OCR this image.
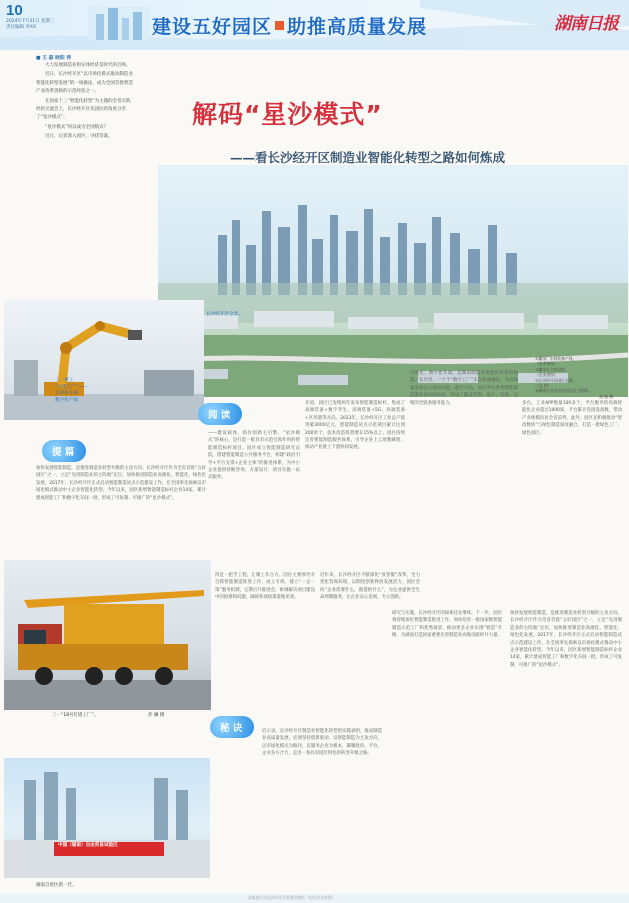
10
2024年7月31日 星期三
责任编辑 李XX	建设五好园区 助推高质量发展	湖南日报
■ 王 磊 欧阳 萍

大力发展制造业和实体经济是时代的召唤。

近日，长沙经开区“以市场化模式推动制造业智能化转型发展”的一项做法，成为全国首批智造产业改革创新的示范经验之一。

在国家十三“智能化转型”为主题的全省实践经验交流会上，长沙经开区从园区的角度分享了“星沙模式”。

“星沙模式”何以成为全国模式？

近日，记者深入园区，寻找答案。

解码“星沙模式”
——看长沙经开区制造业智能化转型之路如何炼成
长沙经开区全景。
三一重工
“灯塔工厂”——
自动化车间
数字化产线
提 篇
阅 读
秘 诀
加快发展智能制造，是推进制造业转型升级的主攻方向。长沙经开区作为全省首批“五好园区”之一，立足“先进制造业的主阵地”定位，加快推进制造业高端化、智能化、绿色化发展。2017年，长沙经开区正式启动智能制造试点示范建设工作，在全国率先探索以市场化模式推动中小企业智能化转型。今年以来，园区新增智能制造标杆企业14家，累计建成智能工厂和数字化车间一批，形成了可复制、可推广的“星沙模式”。
——建设载体，抓住创新主引擎。“星沙模式”的核心，是打造一批具有示范引领作用的智能制造标杆项目。园区成立智能制造研究总院，搭建智能制造公共服务平台，构建“政府引导+平台支撑+企业主体”的推进体系，为中小企业提供诊断咨询、方案设计、项目实施一站式服务。
开园，园区已连续两年发布智能制造标杆，集成了高端装备+数字孪生、高端装备+5G、高端装备+区块链等方向。2023年，长沙经开区工业总产值突破3000亿元，智能制造试点示范项目累计达到200余个，技术改造投资增长15%以上。园区持续完善智能制造服务体系，引导企业上云用数赋智，推动产业链上下游协同发展。
可视化、数字化车间，是湖南制造业智能化转型的缩影。在这里，一个个“数字工厂”正在加速崛起，为高质量发展注入强劲动能。截至目前，园区共有各类智能制造服务商100余家，形成了覆盖咨询、设计、实施、运维的全链条服务能力。	多台、工业APP数量100多个，平台服务的高端智能化企业超过1000家，平台累计连接设备数、带动产业规模均居全省前列。此外，园区还积极推动“智改数转”与绿色制造深度融合，打造一批绿色工厂、绿色园区。
四是一把手工程，汇聚工作合力。园区主要领导亲自抓智能制造推进工作，成立专班，建立“一企一策”服务机制，定期召开推进会，协调解决项目建设中的困难和问题，确保各项政策落地见效。
近年来，长沙经开区不断深化“放管服”改革，全力优化营商环境，以制度创新释放发展活力。园区坚持“企业需要什么，就提供什么”，为企业提供全生命周期服务，让企业安心发展、专心创新。
启示录。长沙经开区制造业智能化转型的实践表明，推动制造业高质量发展，必须坚持创新驱动，以智能制造为主攻方向，以市场化模式为路径，以服务企业为根本，凝聚政府、平台、企业多方合力，走出一条具有园区特色的转型升级之路。
研究与实施，长沙经开区的探索还在继续。下一步，园区将持续深化智能制造推进工作，加快培育一批国家级智能制造示范工厂和优秀场景，推动更多企业实现“智造”升级，为湖南打造国家重要先进制造业高地贡献经开力量。
加快发展智能制造，是推进制造业转型升级的主攻方向。长沙经开区作为全省首批“五好园区”之一，立足“先进制造业的主阵地”定位，加快推进制造业高端化、智能化、绿色化发展。2017年，长沙经开区正式启动智能制造试点示范建设工作，在全国率先探索以市场化模式推动中小企业智能化转型。今年以来，园区新增智能制造标杆企业14家，累计建成智能工厂和数字化车间一批，形成了可复制、可推广的“星沙模式”。
三一“18号灯塔工厂”。	彭 澜 摄
中国（湖南）自由贸易试验区
湖南自贸区新一代。
①螺丝厂车间装备产线。
（企业供图）
②螺丝车立体仓库。
（企业供图）
③长沙经开区园区全景。
（文 图）
④湖南企业信息化项目总工程师。
高 振 摄
本版图片由长沙经开区管委会提供（均为企业供图）
